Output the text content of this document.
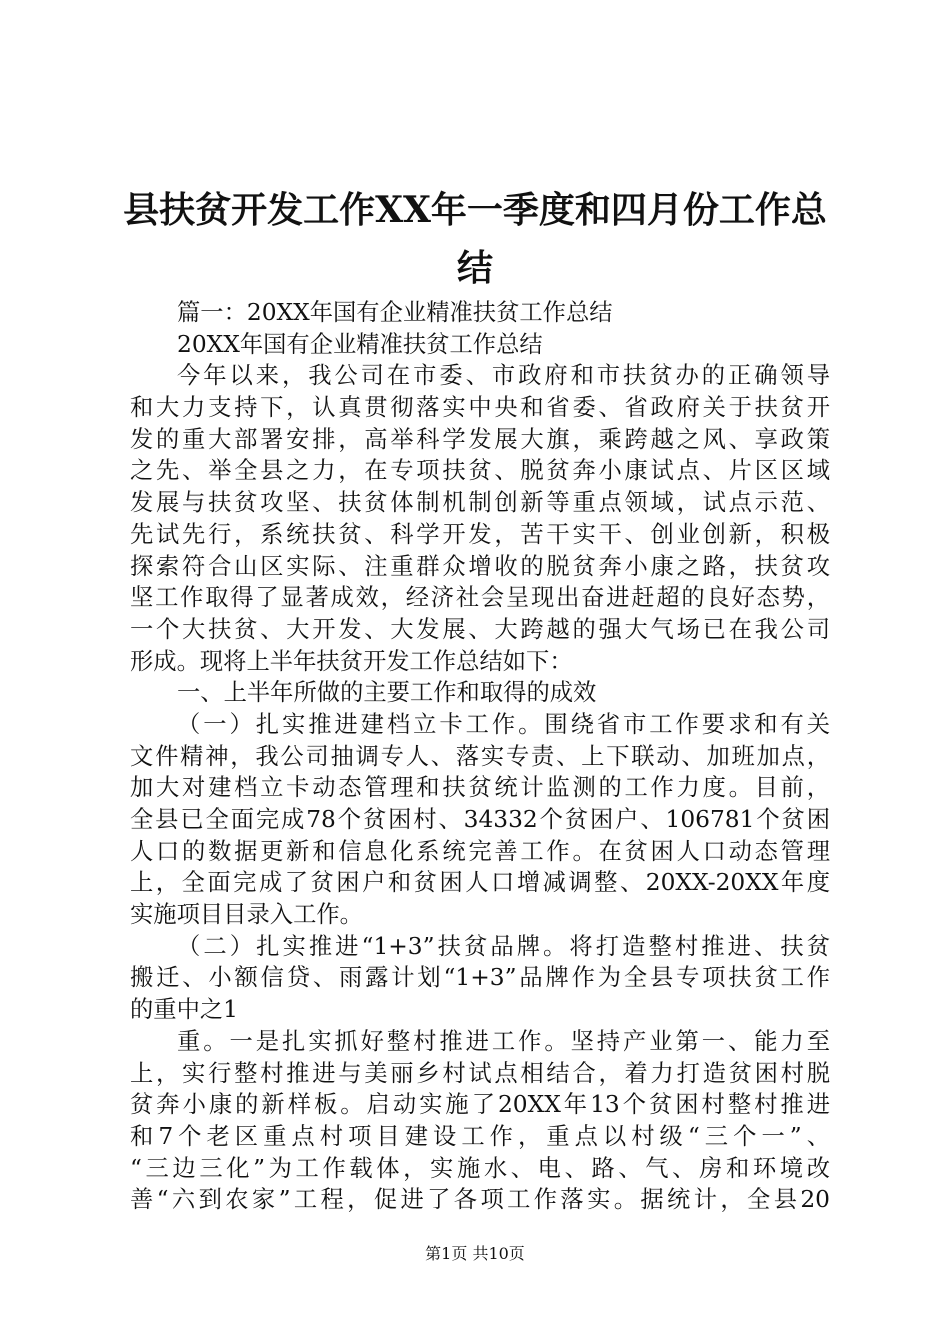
县扶贫开发工作XX年一季度和四月份工作总
结
篇一：20XX年国有企业精准扶贫工作总结
20XX年国有企业精准扶贫工作总结
今年以来，我公司在市委、市政府和市扶贫办的正确领导
和大力支持下，认真贯彻落实中央和省委、省政府关于扶贫开
发的重大部署安排，高举科学发展大旗，乘跨越之风、享政策
之先、举全县之力，在专项扶贫、脱贫奔小康试点、片区区域
发展与扶贫攻坚、扶贫体制机制创新等重点领域，试点示范、
先试先行，系统扶贫、科学开发，苦干实干、创业创新，积极
探索符合山区实际、注重群众增收的脱贫奔小康之路，扶贫攻
坚工作取得了显著成效，经济社会呈现出奋进赶超的良好态势，
一个大扶贫、大开发、大发展、大跨越的强大气场已在我公司
形成。现将上半年扶贫开发工作总结如下：
一、上半年所做的主要工作和取得的成效
（一）扎实推进建档立卡工作。围绕省市工作要求和有关
文件精神，我公司抽调专人、落实专责、上下联动、加班加点，
加大对建档立卡动态管理和扶贫统计监测的工作力度。目前，
全县已全面完成78个贫困村、34332个贫困户、106781个贫困
人口的数据更新和信息化系统完善工作。在贫困人口动态管理
上，全面完成了贫困户和贫困人口增减调整、20XX-20XX年度
实施项目目录入工作。
（二）扎实推进“1+3”扶贫品牌。将打造整村推进、扶贫
搬迁、小额信贷、雨露计划“1+3”品牌作为全县专项扶贫工作
的重中之1
重。一是扎实抓好整村推进工作。坚持产业第一、能力至
上，实行整村推进与美丽乡村试点相结合，着力打造贫困村脱
贫奔小康的新样板。启动实施了20XX年13个贫困村整村推进
和7个老区重点村项目建设工作，重点以村级“三个一”、
“三边三化”为工作载体，实施水、电、路、气、房和环境改
善“六到农家”工程，促进了各项工作落实。据统计，全县20
第1页 共10页
